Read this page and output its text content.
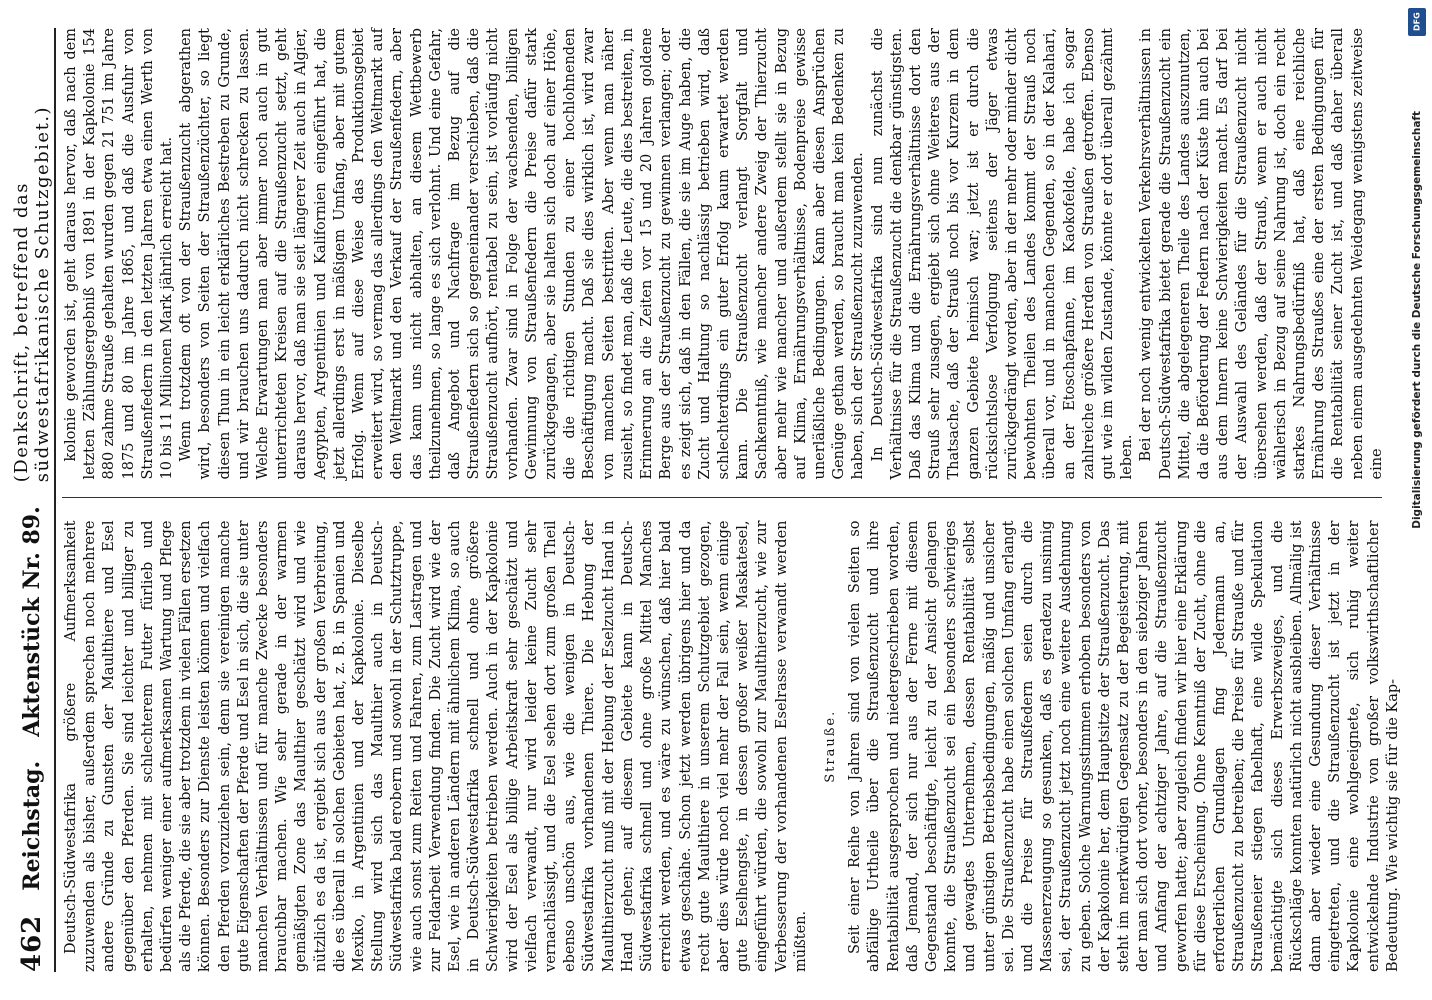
462
Reichstag.
Aktenstück Nr. 89.
(Denkschrift, betreffend das südwestafrikanische Schutzgebiet.)

Deutsch-Südwestafrika größere Aufmerksamkeit zuzuwenden als bisher, außerdem sprechen noch mehrere andere Gründe zu Gunsten der Maulthiere und Esel gegenüber den Pferden. Sie sind leichter und billiger zu erhalten, nehmen mit schlechterem Futter fürlieb und bedürfen weniger einer aufmerksamen Wartung und Pflege als die Pferde, die sie aber trotzdem in vielen Fällen ersetzen können. Besonders zur Dienste leisten können und vielfach den Pferden vorzuziehen sein, denn sie vereinigen manche gute Eigenschaften der Pferde und Esel in sich, die sie unter manchen Verhältnissen und für manche Zwecke besonders brauchbar machen. Wie sehr gerade in der warmen gemäßigten Zone das Maulthier geschätzt wird und wie nützlich es da ist, ergiebt sich aus der großen Verbreitung, die es überall in solchen Gebieten hat, z. B. in Spanien und Mexiko, in Argentinien und der Kapkolonie. Dieselbe Stellung wird sich das Maulthier auch in Deutsch-Südwestafrika bald erobern und sowohl in der Schutztruppe, wie auch sonst zum Reiten und Fahren, zum Lastragen und zur Feldarbeit Verwendung finden. Die Zucht wird wie der Esel, wie in anderen Ländern mit ähnlichem Klima, so auch in Deutsch-Südwestafrika schnell und ohne größere Schwierigkeiten betrieben werden. Auch in der Kapkolonie wird der Esel als billige Arbeitskraft sehr geschätzt und vielfach verwandt, nur wird leider keine Zucht sehr vernachlässigt, und die Esel sehen dort zum großen Theil ebenso unschön aus, wie die wenigen in Deutsch-Südwestafrika vorhandenen Thiere. Die Hebung der Maulthierzucht muß mit der Hebung der Eselzucht Hand in Hand gehen; auf diesem Gebiete kann in Deutsch-Südwestafrika schnell und ohne große Mittel Manches erreicht werden, und es wäre zu wünschen, daß hier bald etwas geschähe. Schon jetzt werden übrigens hier und da recht gute Maulthiere in unserem Schutzgebiet gezogen, aber dies würde noch viel mehr der Fall sein, wenn einige gute Eselhengste, in dessen großer weißer Maskatesel, eingeführt würden, die sowohl zur Maulthierzucht, wie zur Verbesserung der vorhandenen Eselrasse verwandt werden müßten.

Strauße. Seit einer Reihe von Jahren sind von vielen Seiten so abfällige Urtheile über die Straußenzucht und ihre Rentabilität ausgesprochen und niedergeschrieben worden, daß Jemand, der sich nur aus der Ferne mit diesem Gegenstand beschäftigte, leicht zu der Ansicht gelangen konnte, die Straußenzucht sei ein besonders schwieriges und gewagtes Unternehmen, dessen Rentabilität selbst unter günstigen Betriebsbedingungen, mäßig und unsicher sei. Die Straußenzucht habe einen solchen Umfang erlangt und die Preise für Straußfedern seien durch die Massenerzeugung so gesunken, daß es geradezu unsinnig sei, der Straußenzucht jetzt noch eine weitere Ausdehnung zu geben. Solche Warnungsstimmen erhoben besonders von der Kapkolonie her, dem Hauptsitze der Straußenzucht. Das steht im merkwürdigen Gegensatz zu der Begeisterung, mit der man sich dort vorher, besonders in den siebziger Jahren und Anfang der achtziger Jahre, auf die Straußenzucht geworfen hatte; aber zugleich finden wir hier eine Erklärung für diese Erscheinung. Ohne Kenntniß der Zucht, ohne die erforderlichen Grundlagen fing Jedermann an, Straußenzucht zu betreiben; die Preise für Strauße und für Straußeneier stiegen fabelhaft, eine wilde Spekulation bemächtigte sich dieses Erwerbszweiges, und die Rückschläge konnten natürlich nicht ausbleiben. Allmälig ist dann aber wieder eine Gesundung dieser Verhältnisse eingetreten, und die Straußenzucht ist jetzt in der Kapkolonie eine wohlgeeignete, sich ruhig weiter entwickelnde Industrie von großer volkswirthschaftlicher Bedeutung. Wie wichtig sie für die Kap-

kolonie geworden ist, geht daraus hervor, daß nach dem letzten Zählungsergebniß von 1891 in der Kapkolonie 154 880 zahme Strauße gehalten wurden gegen 21 751 im Jahre 1875 und 80 im Jahre 1865, und daß die Ausfuhr von Straußenfedern in den letzten Jahren etwa einen Werth von 10 bis 11 Millionen Mark jährlich erreicht hat. Wenn trotzdem oft von der Straußenzucht abgerathen wird, besonders von Seiten der Straußenzüchter, so liegt diesen Thun in ein leicht erklärliches Bestreben zu Grunde, und wir brauchen uns dadurch nicht schrecken zu lassen. Welche Erwartungen man aber immer noch auch in gut unterrichteten Kreisen auf die Straußenzucht setzt, geht daraus hervor, daß man sie seit längerer Zeit auch in Algier, Aegypten, Argentinien und Kalifornien eingeführt hat, die jetzt allerdings erst in mäßigem Umfang, aber mit gutem Erfolg. Wenn auf diese Weise das Produktionsgebiet erweitert wird, so vermag das allerdings den Weltmarkt auf den Weltmarkt und den Verkauf der Straußenfedern, aber das kann uns nicht abhalten, an diesem Wettbewerb theilzunehmen, so lange es sich verlohnt. Und eine Gefahr, daß Angebot und Nachfrage im Bezug auf die Straußenfedern sich so gegeneinander verschieben, daß die Straußenzucht aufhört, rentabel zu sein, ist vorläufig nicht vorhanden. Zwar sind in Folge der wachsenden, billigen Gewinnung von Straußenfedern die Preise dafür stark zurückgegangen, aber sie halten sich doch auf einer Höhe, die die richtigen Stunden zu einer hochlohnenden Beschäftigung macht. Daß sie dies wirklich ist, wird zwar von manchen Seiten bestritten. Aber wenn man näher zusieht, so findet man, daß die Leute, die dies bestreiten, in Erinnerung an die Zeiten vor 15 und 20 Jahren goldene Berge aus der Straußenzucht zu gewinnen verlangen; oder es zeigt sich, daß in den Fällen, die sie im Auge haben, die Zucht und Haltung so nachlässig betrieben wird, daß schlechterdings ein guter Erfolg kaum erwartet werden kann. Die Straußenzucht verlangt Sorgfalt und Sachkenntniß, wie mancher andere Zweig der Thierzucht aber mehr wie mancher und außerdem stellt sie in Bezug auf Klima, Ernährungsverhältnisse, Bodenpreise gewisse unerläßliche Bedingungen. Kann aber diesen Ansprüchen Genüge gethan werden, so braucht man kein Bedenken zu haben, sich der Straußenzucht zuzuwenden. In Deutsch-Südwestafrika sind nun zunächst die Verhältnisse für die Straußenzucht die denkbar günstigsten. Daß das Klima und die Ernährungsverhältnisse dort den Strauß sehr zusagen, ergiebt sich ohne Weiteres aus der Thatsache, daß der Strauß noch bis vor Kurzem in dem ganzen Gebiete heimisch war; jetzt ist er durch die rücksichtslose Verfolgung seitens der Jäger etwas zurückgedrängt worden, aber in der mehr oder minder dicht bewohnten Theilen des Landes kommt der Strauß noch überall vor, und in manchen Gegenden, so in der Kalahari, an der Etoschapfanne, im Kaokofelde, habe ich sogar zahlreiche größere Herden von Straußen getroffen. Ebenso gut wie im wilden Zustande, könnte er dort überall gezähmt leben. Bei der noch wenig entwickelten Verkehrsverhältnissen in Deutsch-Südwestafrika bietet gerade die Straußenzucht ein Mittel, die abgelegeneren Theile des Landes auszunutzen, da die Beförderung der Federn nach der Küste hin auch bei aus dem Innern keine Schwierigkeiten macht. Es darf bei der Auswahl des Geländes für die Straußenzucht nicht übersehen werden, daß der Strauß, wenn er auch nicht wählerisch in Bezug auf seine Nahrung ist, doch ein recht starkes Nahrungsbedürfniß hat, daß eine reichliche Ernährung des Straußes eine der ersten Bedingungen für die Rentabilität seiner Zucht ist, und daß daher überall neben einem ausgedehnten Weidegang wenigstens zeitweise eine

DFG
Digitalisierung gefördert durch die Deutsche Forschungsgemeinschaft
